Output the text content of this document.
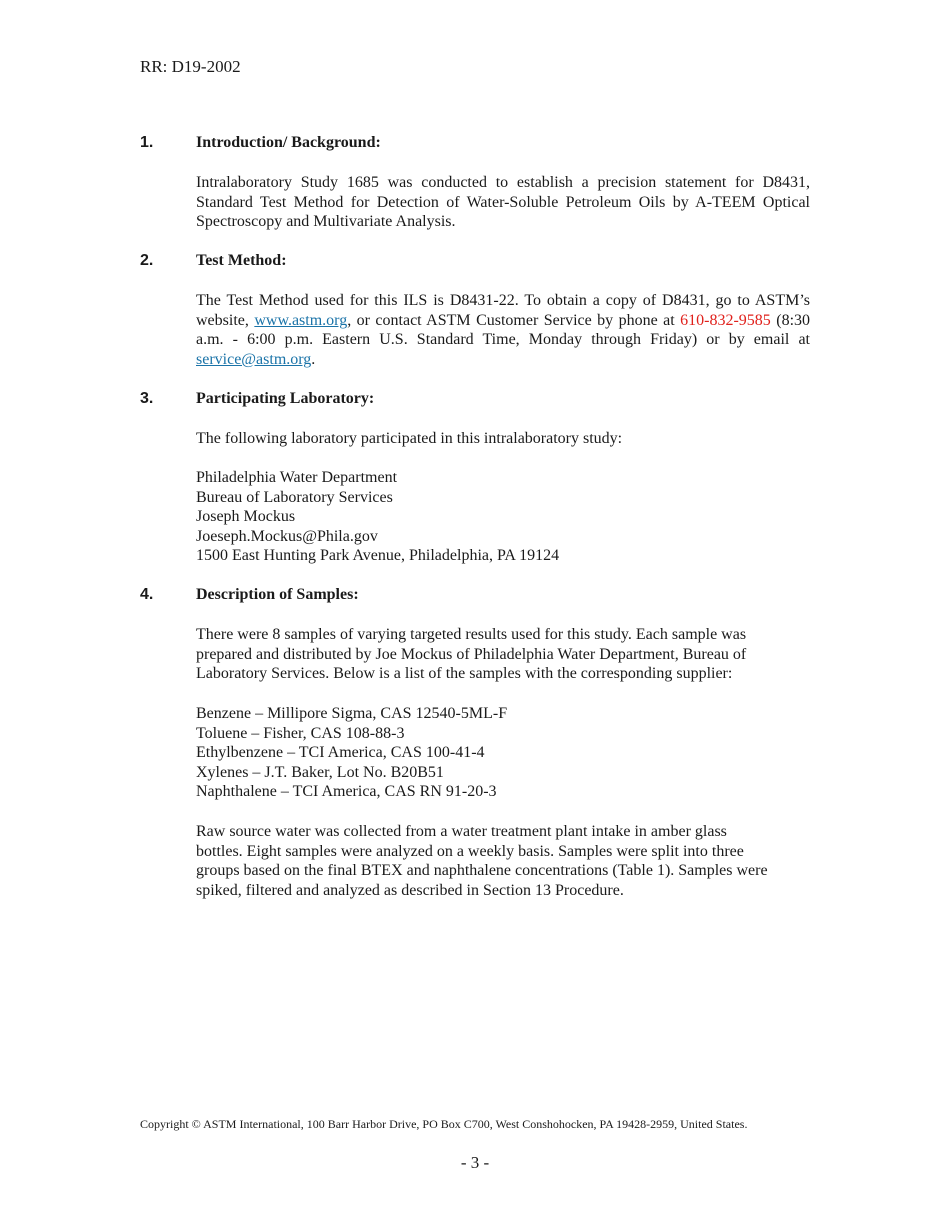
RR: D19-2002
1.	Introduction/ Background:
Intralaboratory Study 1685 was conducted to establish a precision statement for D8431, Standard Test Method for Detection of Water-Soluble Petroleum Oils by A-TEEM Optical Spectroscopy and Multivariate Analysis.
2.	Test Method:
The Test Method used for this ILS is D8431-22. To obtain a copy of D8431, go to ASTM’s website, www.astm.org, or contact ASTM Customer Service by phone at 610-832-9585 (8:30 a.m. - 6:00 p.m. Eastern U.S. Standard Time, Monday through Friday) or by email at service@astm.org.
3.	Participating Laboratory:
The following laboratory participated in this intralaboratory study:
Philadelphia Water Department
Bureau of Laboratory Services
Joseph Mockus
Joeseph.Mockus@Phila.gov
1500 East Hunting Park Avenue, Philadelphia, PA 19124
4.	Description of Samples:
There were 8 samples of varying targeted results used for this study. Each sample was
prepared and distributed by Joe Mockus of Philadelphia Water Department, Bureau of
Laboratory Services. Below is a list of the samples with the corresponding supplier:
Benzene – Millipore Sigma, CAS 12540-5ML-F
Toluene – Fisher, CAS 108-88-3
Ethylbenzene – TCI America, CAS 100-41-4
Xylenes – J.T. Baker, Lot No. B20B51
Naphthalene – TCI America, CAS RN 91-20-3
Raw source water was collected from a water treatment plant intake in amber glass
bottles. Eight samples were analyzed on a weekly basis. Samples were split into three
groups based on the final BTEX and naphthalene concentrations (Table 1). Samples were
spiked, filtered and analyzed as described in Section 13 Procedure.
Copyright © ASTM International, 100 Barr Harbor Drive, PO Box C700, West Conshohocken, PA 19428-2959, United States.
- 3 -
